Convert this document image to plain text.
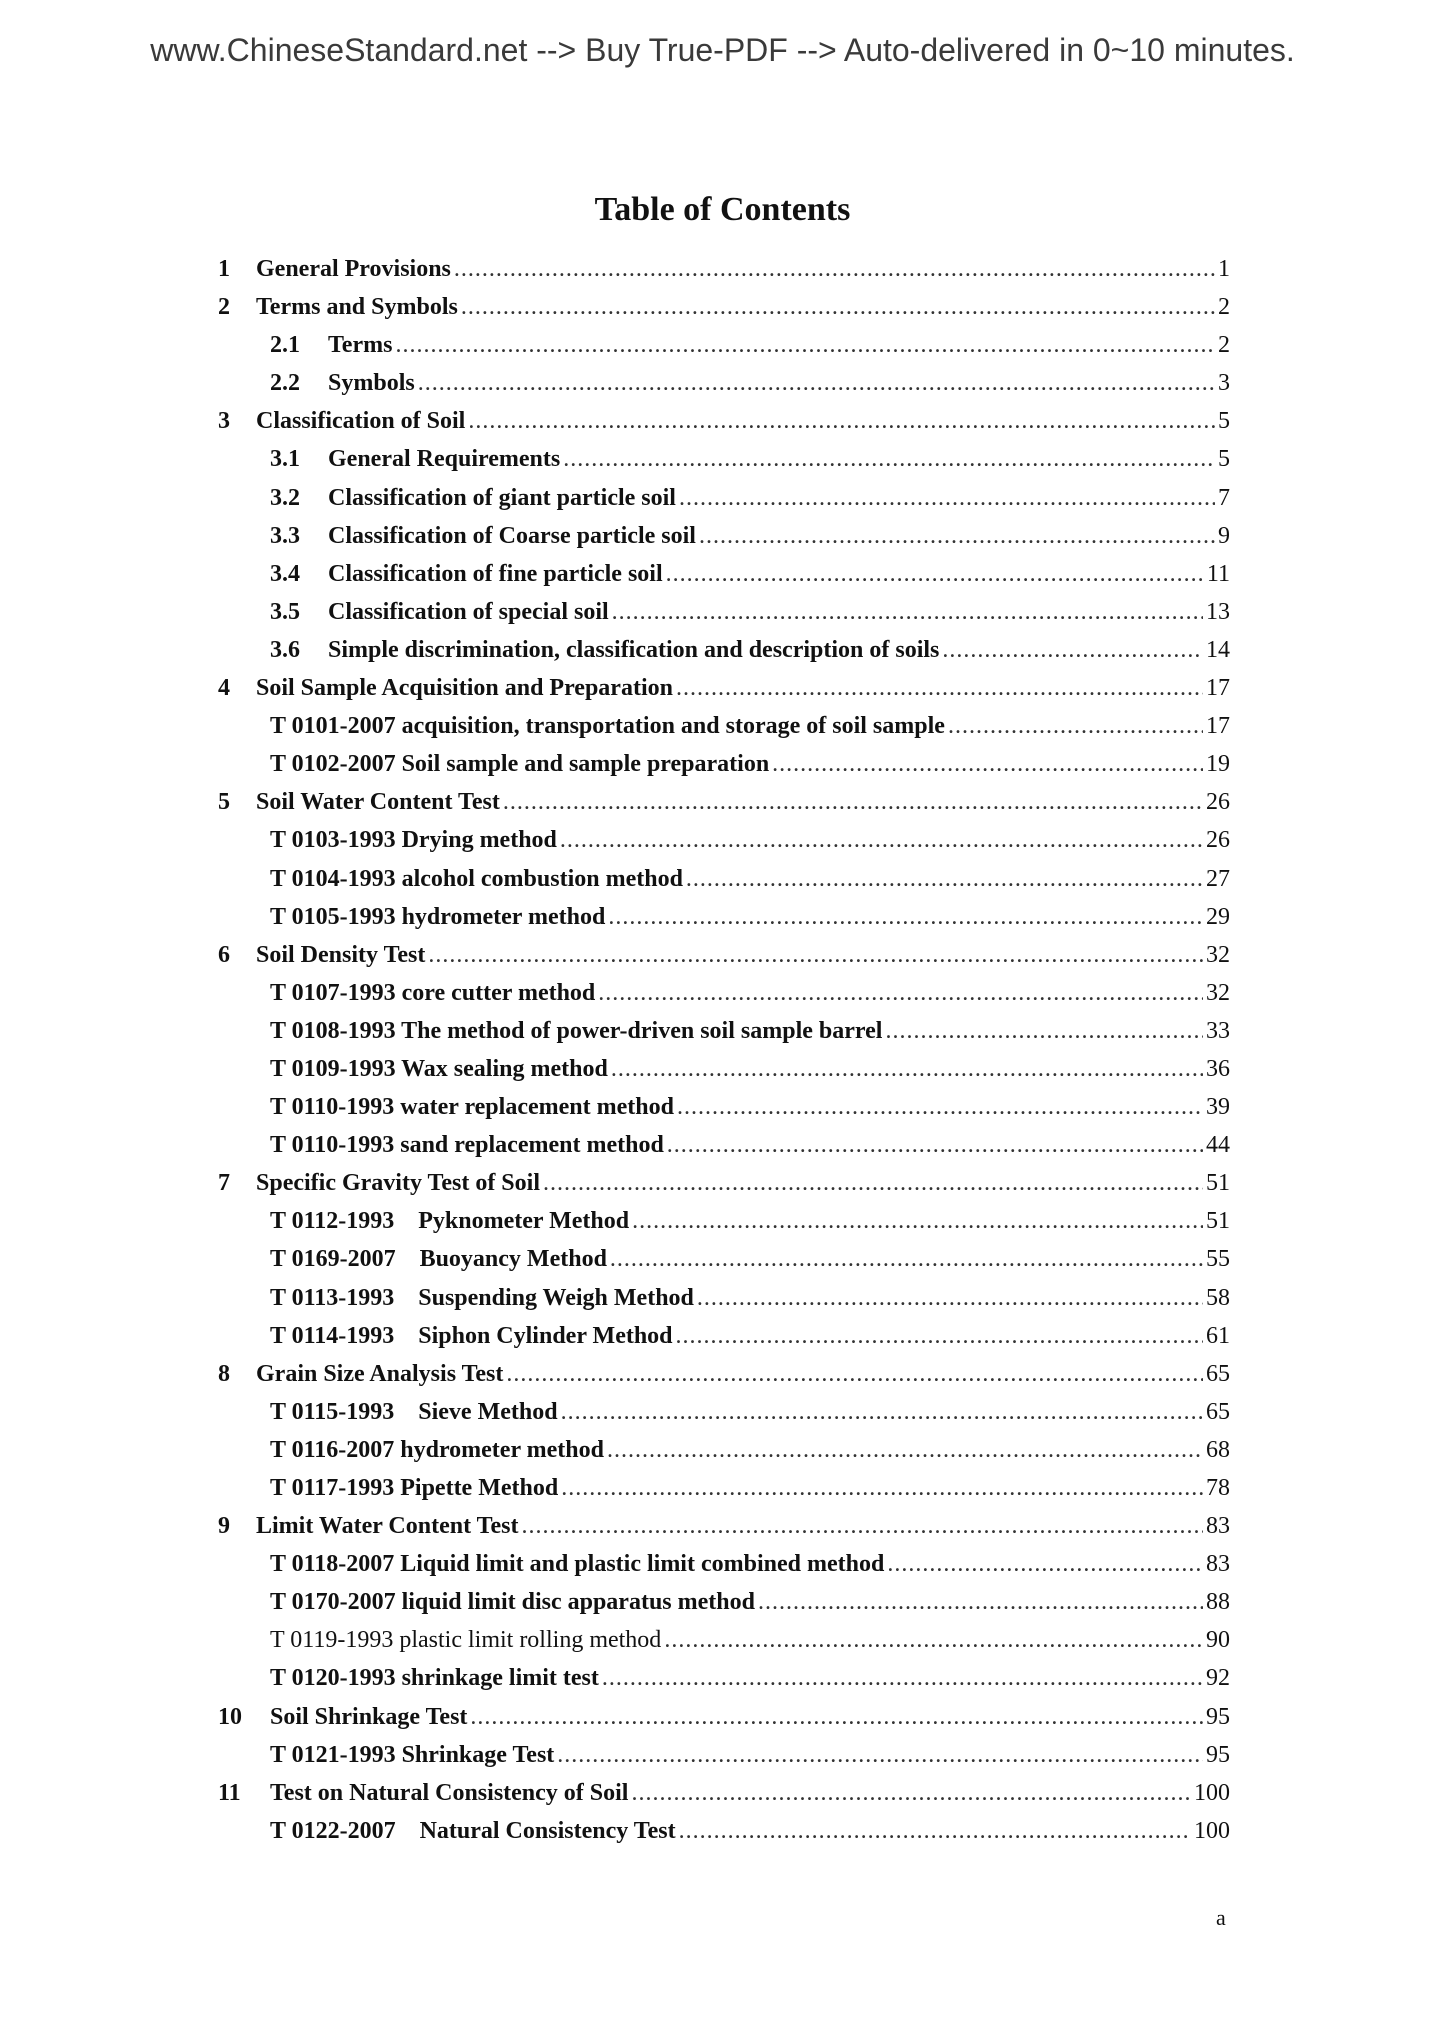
www.ChineseStandard.net --> Buy True-PDF --> Auto-delivered in 0~10 minutes.
Table of Contents
1	General Provisions .....	1
2	Terms and Symbols .....	2
2.1	Terms .....	2
2.2	Symbols .....	3
3	Classification of Soil .....	5
3.1	General Requirements .....	5
3.2	Classification of giant particle soil .....	7
3.3	Classification of Coarse particle soil .....	9
3.4	Classification of fine particle soil .....	11
3.5	Classification of special soil .....	13
3.6	Simple discrimination, classification and description of soils .....	14
4	Soil Sample Acquisition and Preparation .....	17
T 0101-2007 acquisition, transportation and storage of soil sample .....	17
T 0102-2007 Soil sample and sample preparation .....	19
5	Soil Water Content Test .....	26
T 0103-1993 Drying method .....	26
T 0104-1993 alcohol combustion method .....	27
T 0105-1993 hydrometer method .....	29
6	Soil Density Test .....	32
T 0107-1993 core cutter method .....	32
T 0108-1993 The method of power-driven soil sample barrel .....	33
T 0109-1993 Wax sealing method .....	36
T 0110-1993 water replacement method .....	39
T 0110-1993 sand replacement method .....	44
7	Specific Gravity Test of Soil .....	51
T 0112-1993    Pyknometer Method .....	51
T 0169-2007    Buoyancy Method .....	55
T 0113-1993    Suspending Weigh Method .....	58
T 0114-1993    Siphon Cylinder Method .....	61
8	Grain Size Analysis Test .....	65
T 0115-1993    Sieve Method .....	65
T 0116-2007 hydrometer method .....	68
T 0117-1993 Pipette Method .....	78
9	Limit Water Content Test .....	83
T 0118-2007 Liquid limit and plastic limit combined method .....	83
T 0170-2007 liquid limit disc apparatus method .....	88
T 0119-1993 plastic limit rolling method .....	90
T 0120-1993 shrinkage limit test .....	92
10	Soil Shrinkage Test .....	95
T 0121-1993 Shrinkage Test .....	95
11	Test on Natural Consistency of Soil .....	100
T 0122-2007    Natural Consistency Test .....	100
a
